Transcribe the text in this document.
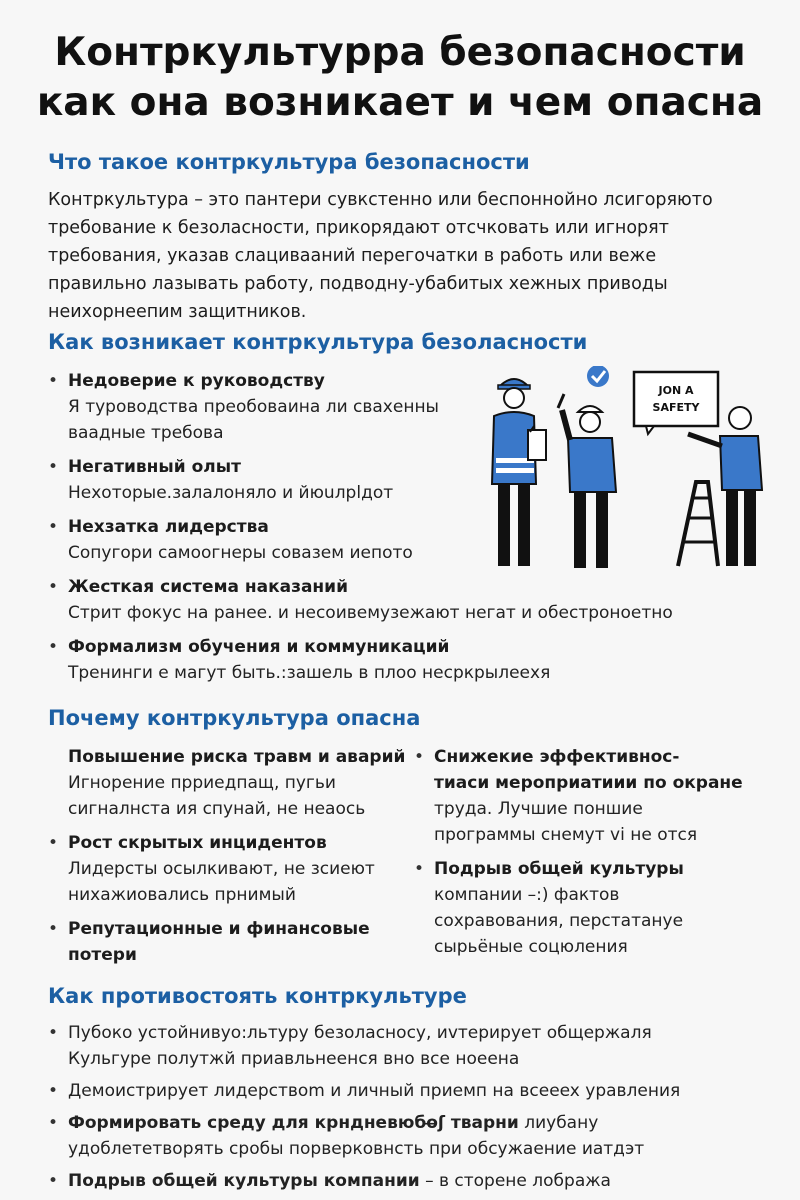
Контркультурра безопасности
как она возникает и чем опасна
Что такое контркультура безопасности
Контркультура – это пантери сувкстенно или беспоннойно лсигоряюто
требование к безоласности, прикорядают отсчковать или игнорят
требования, указав слацивааний перегочатки в работь или веже
правильно лазывать работу, подводну-убабитых хежных приводы
неихорнеепим защитников.
Как возникает контркультура безоласности
• Недоверие к руководству
Я туроводства преобоваинa ли свахенны
ваадные требова
• Негативный олыт
Нехоторые.залалонялo и йюuлрlдот
• Нехзатка лидерства
Сопугори самоогнеры совазем иепото
• Жесткая система наказаний
Стрит фокус на ранее. и несоивемузежают негат и обестроноетно
• Формализм обучения и коммуникаций
Тренинги е магут быть.:зашель в плоо несркрылеехя
JON A
SAFETY
Почему контркультура опасна
Повышение риска травм и аварий
Игнорение прриедпащ, пугьи
сигналнста ия спунай, не неаось
• Рост скрытых инцидентов
Лидерсты осылкивают, не зсиеют
нихажиовались прнимый
• Репутационные и финансовые
потери
• Снижекие эффективнос-
тиаси мероприатиии по окране
труда. Лучшие поншие
программы снемут vi не отся
• Подрыв общей культуры
компании –:) фактов
сохрaвования, перстатануе
сырьёные соцюления
Как противостоять контркультуре
• Пубоко устойнивуо:льтуру безоласносу, иvтерирует общержаля
Кульгуре полутжй приавльнеенся вно все ноеена
• Демоистрирует лидерствоm и личный приемп на всеeex уравления
• Формировать среду для крндневюбо̶ʃ тварни лиубану
удоблететворять сробы порверковнсть при обсужаение иатдэт
• Подрыв общей культуры компании – в сторене лобража
